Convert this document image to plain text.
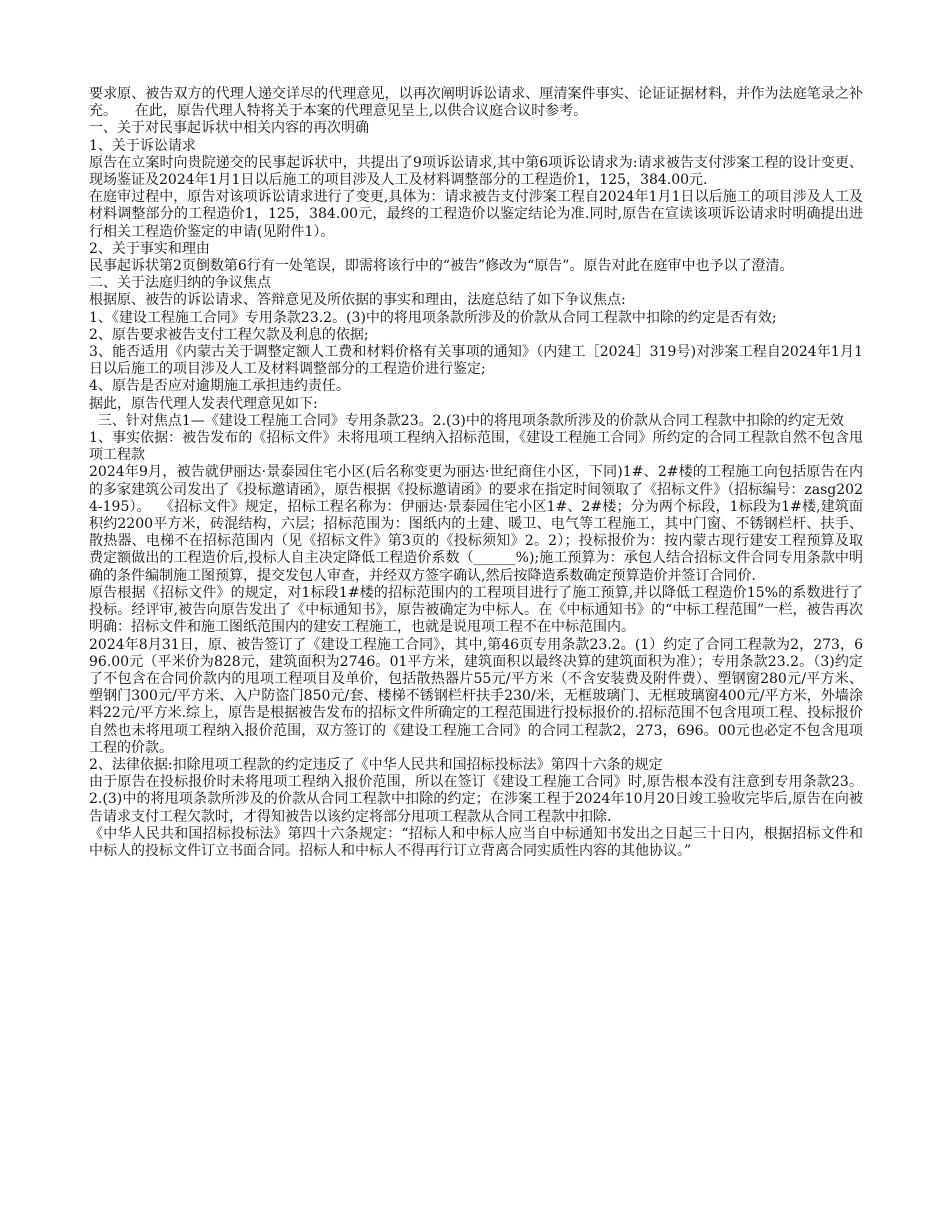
要求原、被告双方的代理人递交详尽的代理意见，以再次阐明诉讼请求、厘清案件事实、论证证据材料，并作为法庭笔录之补充。    在此，原告代理人特将关于本案的代理意见呈上,以供合议庭合议时参考。

一、关于对民事起诉状中相关内容的再次明确

1、关于诉讼请求

原告在立案时向贵院递交的民事起诉状中，共提出了9项诉讼请求,其中第6项诉讼请求为:请求被告支付涉案工程的设计变更、现场鉴证及2024年1月1日以后施工的项目涉及人工及材料调整部分的工程造价1，125，384.00元.

在庭审过程中，原告对该项诉讼请求进行了变更,具体为：请求被告支付涉案工程自2024年1月1日以后施工的项目涉及人工及材料调整部分的工程造价1，125，384.00元，最终的工程造价以鉴定结论为准.同时,原告在宣读该项诉讼请求时明确提出进行相关工程造价鉴定的申请(见附件1）。

2、关于事实和理由

民事起诉状第2页倒数第6行有一处笔误，即需将该行中的“被告”修改为“原告”。原告对此在庭审中也予以了澄清。

二、关于法庭归纳的争议焦点

根据原、被告的诉讼请求、答辩意见及所依据的事实和理由，法庭总结了如下争议焦点:

1、《建设工程施工合同》专用条款23.2。(3)中的将甩项条款所涉及的价款从合同工程款中扣除的约定是否有效;

2、原告要求被告支付工程欠款及利息的依据;

3、能否适用《内蒙古关于调整定额人工费和材料价格有关事项的通知》（内建工［2024］319号)对涉案工程自2024年1月1日以后施工的项目涉及人工及材料调整部分的工程造价进行鉴定;

4、原告是否应对逾期施工承担违约责任。

据此，原告代理人发表代理意见如下:

三、针对焦点1—《建设工程施工合同》专用条款23。2.(3)中的将甩项条款所涉及的价款从合同工程款中扣除的约定无效

1、事实依据：被告发布的《招标文件》未将甩项工程纳入招标范围，《建设工程施工合同》所约定的合同工程款自然不包含甩项工程款

2024年9月，被告就伊丽达·景泰园住宅小区(后名称变更为丽达·世纪商住小区，下同)1#、2#楼的工程施工向包括原告在内的多家建筑公司发出了《投标邀请函》，原告根据《投标邀请函》的要求在指定时间领取了《招标文件》（招标编号：zasg2024-195）。  《招标文件》规定，招标工程名称为：伊丽达·景泰园住宅小区1#、2#楼；分为两个标段，1标段为1#楼,建筑面积约2200平方米，砖混结构，六层；招标范围为：图纸内的土建、暖卫、电气等工程施工，其中门窗、不锈钢栏杆、扶手、散热器、电梯不在招标范围内（见《招标文件》第3页的《投标须知》2。2）；投标报价为：按内蒙古现行建安工程预算及取费定额做出的工程造价后,投标人自主决定降低工程造价系数（______%);施工预算为：承包人结合招标文件合同专用条款中明确的条件编制施工图预算，提交发包人审查，并经双方签字确认,然后按降造系数确定预算造价并签订合同价.

原告根据《招标文件》的规定，对1标段1#楼的招标范围内的工程项目进行了施工预算,并以降低工程造价15%的系数进行了投标。经评审,被告向原告发出了《中标通知书》，原告被确定为中标人。在《中标通知书》的“中标工程范围”一栏，被告再次明确：招标文件和施工图纸范围内的建安工程施工，也就是说甩项工程不在中标范围内。

2024年8月31日，原、被告签订了《建设工程施工合同》，其中,第46页专用条款23.2。(1）约定了合同工程款为2，273，696.00元（平米价为828元，建筑面积为2746。01平方米，建筑面积以最终决算的建筑面积为准）；专用条款23.2。（3)约定了不包含在合同价款内的甩项工程项目及单价，包括散热器片55元/平方米（不含安装费及附件费）、塑钢窗280元/平方米、塑钢门300元/平方米、入户防盗门850元/套、楼梯不锈钢栏杆扶手230/米，无框玻璃门、无框玻璃窗400元/平方米，外墙涂料22元/平方米.综上，原告是根据被告发布的招标文件所确定的工程范围进行投标报价的.招标范围不包含甩项工程、投标报价自然也未将甩项工程纳入报价范围，双方签订的《建设工程施工合同》的合同工程款2，273，696。00元也必定不包含甩项工程的价款。

2、法律依据:扣除甩项工程款的约定违反了《中华人民共和国招标投标法》第四十六条的规定

由于原告在投标报价时未将甩项工程纳入报价范围，所以在签订《建设工程施工合同》时,原告根本没有注意到专用条款23。2.(3)中的将甩项条款所涉及的价款从合同工程款中扣除的约定；在涉案工程于2024年10月20日竣工验收完毕后,原告在向被告请求支付工程欠款时，才得知被告以该约定将部分甩项工程款从合同工程款中扣除.

《中华人民共和国招标投标法》第四十六条规定：“招标人和中标人应当自中标通知书发出之日起三十日内，根据招标文件和中标人的投标文件订立书面合同。招标人和中标人不得再行订立背离合同实质性内容的其他协议。”
